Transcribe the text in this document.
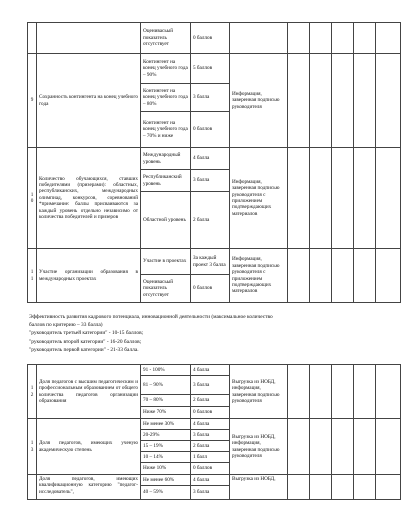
		Оценивасьый показатель отсутствует	0 баллов						
9	Сохранность контингента на конец учебного года	Контингент на конец учебного года – 90%	5 баллов	Информация, заверенная подписью руководителя					
		Контингент на конец учебного года – 80%	3 балла						
		Контингент на конец учебного года – 70% и ниже	0 баллов						
10	Количество обучающихся, ставших победителями (призерами): областных, республиканских, международных олимпиад, конкурсов, соревнований *примечание: баллы присваиваются за каждый уровень отдельно независимо от количества победителей и призеров	Международный уровень	4 балла	Информация, заверенная подписью руководителя с приложением подтверждающих материалов					
		Республиканский уровень	3 балла						
		Областной уровень	2 балла						
11	Участие организации образования в международных проектах	Участие в проектах	За каждый проект 3 балла	Информация, заверенная подписью руководителя с приложением подтверждающих материалов					
		Оценивасьый показатель отсутствует	0 баллов						
Эффективность развития кадрового потенциала, инновационной деятельности (максимальное количество
баллов по критерию – 33 балла)
"руководитель третьей категории" - 10-15 баллов;
"руководитель второй категории" - 16-20 баллов;
"руководитель первой категории" - 21-33 балла.
12	Доля педагогов с высшим педагогическим и профессиональным образованием от общего количества педагогов организации образования	91 - 100%	4 балла	Выгрузка из НОБД, информация, заверенная подписью руководителя					
		81 – 90%	3 балла						
		70 – 80%	2 балла						
		Ниже 70%	0 баллов						
13	Доля педагогов, имеющих ученую академическую степень	Не менее 30%	4 балла	Выгрузка из НОБД, информация, заверенная подписью руководителя					
		20-29%	3 балла						
		15 – 19%	2 балла						
		10 – 14%	1 балл						
		Ниже 10%	0 баллов						
	Доля педагогов, имеющих квалификационную категорию "педагог-исследователь",	Не менее 60%	4 балла	Выгрузка из НОБД,					
		40 – 59%	3 балла						
